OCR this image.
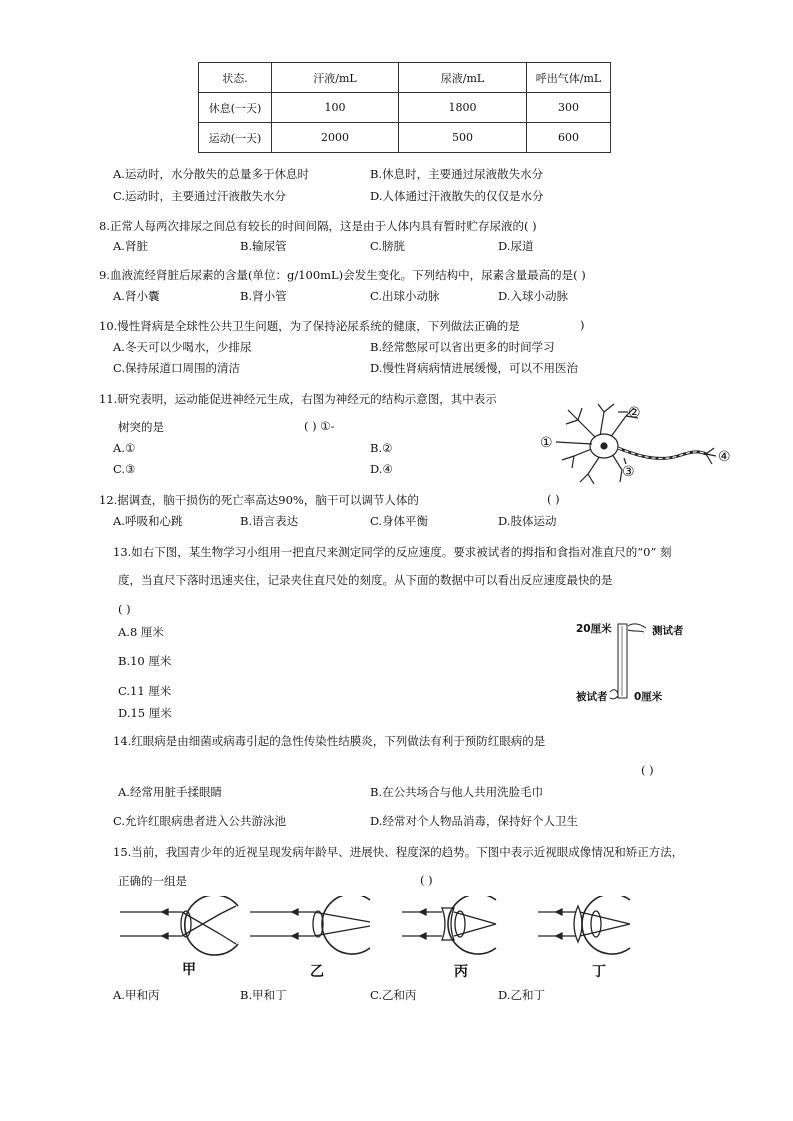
状态.	汗液/mL	尿液/mL	呼出气体/mL
休息(一天)	100	1800	300
运动(一天)	2000	500	600
A.运动时，水分散失的总量多于休息时	B.休息时，主要通过尿液散失水分
C.运动时，主要通过汗液散失水分	D.人体通过汗液散失的仅仅是水分
8.正常人每两次排尿之间总有较长的时间间隔，这是由于人体内具有暂时贮存尿液的( )
A.肾脏	B.输尿管	C.膀胱	D.尿道
9.血液流经肾脏后尿素的含量(单位：g/100mL)会发生变化。下列结构中，尿素含量最高的是( )
A.肾小囊	B.肾小管	C.出球小动脉	D.入球小动脉
10.慢性肾病是全球性公共卫生问题，为了保持泌尿系统的健康，下列做法正确的是	)
A.冬天可以少喝水，少排尿	B.经常憋尿可以省出更多的时间学习
C.保持尿道口周围的清洁	D.慢性肾病病情进展缓慢，可以不用医治
11.研究表明，运动能促进神经元生成，右图为神经元的结构示意图，其中表示
树突的是	( ) ①-
A.①	B.②
C.③	D.④
①
②
③
④
12.据调查，脑干损伤的死亡率高达90%，脑干可以调节人体的	( )
A.呼吸和心跳	B.语言表达	C.身体平衡	D.肢体运动
13.如右下图，某生物学习小组用一把直尺来测定同学的反应速度。要求被试者的拇指和食指对准直尺的“0” 刻
度，当直尺下落时迅速夹住，记录夹住直尺处的刻度。从下面的数据中可以看出反应速度最快的是
( )
A.8 厘米
B.10 厘米
C.11 厘米
D.15 厘米
20厘米	测试者
被试者	0厘米
14.红眼病是由细菌或病毒引起的急性传染性结膜炎，下列做法有利于预防红眼病的是
( )
A.经常用脏手揉眼睛	B.在公共场合与他人共用洗脸毛巾
C.允许红眼病患者进入公共游泳池	D.经常对个人物品消毒，保持好个人卫生
15.当前，我国青少年的近视呈现发病年龄早、进展快、程度深的趋势。下图中表示近视眼成像情况和矫正方法，
正确的一组是	( )
甲	乙	丙	丁
A.甲和丙	B.甲和丁	C.乙和丙	D.乙和丁
